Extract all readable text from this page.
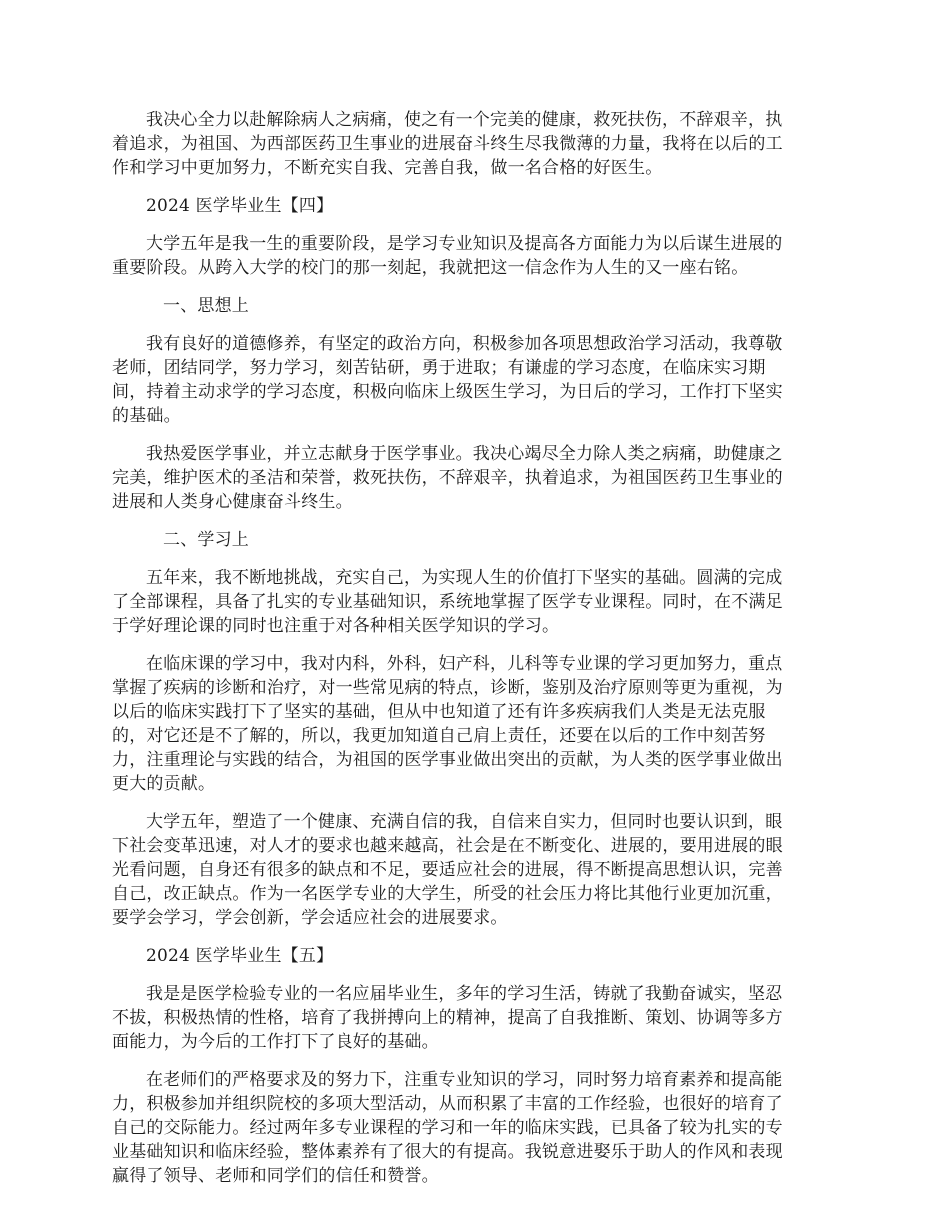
我决心全力以赴解除病人之病痛，使之有一个完美的健康，救死扶伤，不辞艰辛，执
着追求，为祖国、为西部医药卫生事业的进展奋斗终生尽我微薄的力量，我将在以后的工
作和学习中更加努力，不断充实自我、完善自我，做一名合格的好医生。

2024 医学毕业生【四】

大学五年是我一生的重要阶段，是学习专业知识及提高各方面能力为以后谋生进展的
重要阶段。从跨入大学的校门的那一刻起，我就把这一信念作为人生的又一座右铭。

一、思想上

我有良好的道德修养，有坚定的政治方向，积极参加各项思想政治学习活动，我尊敬
老师，团结同学，努力学习，刻苦钻研，勇于进取；有谦虚的学习态度，在临床实习期
间，持着主动求学的学习态度，积极向临床上级医生学习，为日后的学习，工作打下坚实
的基础。

我热爱医学事业，并立志献身于医学事业。我决心竭尽全力除人类之病痛，助健康之
完美，维护医术的圣洁和荣誉，救死扶伤，不辞艰辛，执着追求，为祖国医药卫生事业的
进展和人类身心健康奋斗终生。

二、学习上

五年来，我不断地挑战，充实自己，为实现人生的价值打下坚实的基础。圆满的完成
了全部课程，具备了扎实的专业基础知识，系统地掌握了医学专业课程。同时，在不满足
于学好理论课的同时也注重于对各种相关医学知识的学习。

在临床课的学习中，我对内科，外科，妇产科，儿科等专业课的学习更加努力，重点
掌握了疾病的诊断和治疗，对一些常见病的特点，诊断，鉴别及治疗原则等更为重视，为
以后的临床实践打下了坚实的基础，但从中也知道了还有许多疾病我们人类是无法克服
的，对它还是不了解的，所以，我更加知道自己肩上责任，还要在以后的工作中刻苦努
力，注重理论与实践的结合，为祖国的医学事业做出突出的贡献，为人类的医学事业做出
更大的贡献。

大学五年，塑造了一个健康、充满自信的我，自信来自实力，但同时也要认识到，眼
下社会变革迅速，对人才的要求也越来越高，社会是在不断变化、进展的，要用进展的眼
光看问题，自身还有很多的缺点和不足，要适应社会的进展，得不断提高思想认识，完善
自己，改正缺点。作为一名医学专业的大学生，所受的社会压力将比其他行业更加沉重，
要学会学习，学会创新，学会适应社会的进展要求。

2024 医学毕业生【五】

我是是医学检验专业的一名应届毕业生，多年的学习生活，铸就了我勤奋诚实，坚忍
不拔，积极热情的性格，培育了我拼搏向上的精神，提高了自我推断、策划、协调等多方
面能力，为今后的工作打下了良好的基础。

在老师们的严格要求及的努力下，注重专业知识的学习，同时努力培育素养和提高能
力，积极参加并组织院校的多项大型活动，从而积累了丰富的工作经验，也很好的培育了
自己的交际能力。经过两年多专业课程的学习和一年的临床实践，已具备了较为扎实的专
业基础知识和临床经验，整体素养有了很大的有提高。我锐意进娶乐于助人的作风和表现
赢得了领导、老师和同学们的信任和赞誉。
